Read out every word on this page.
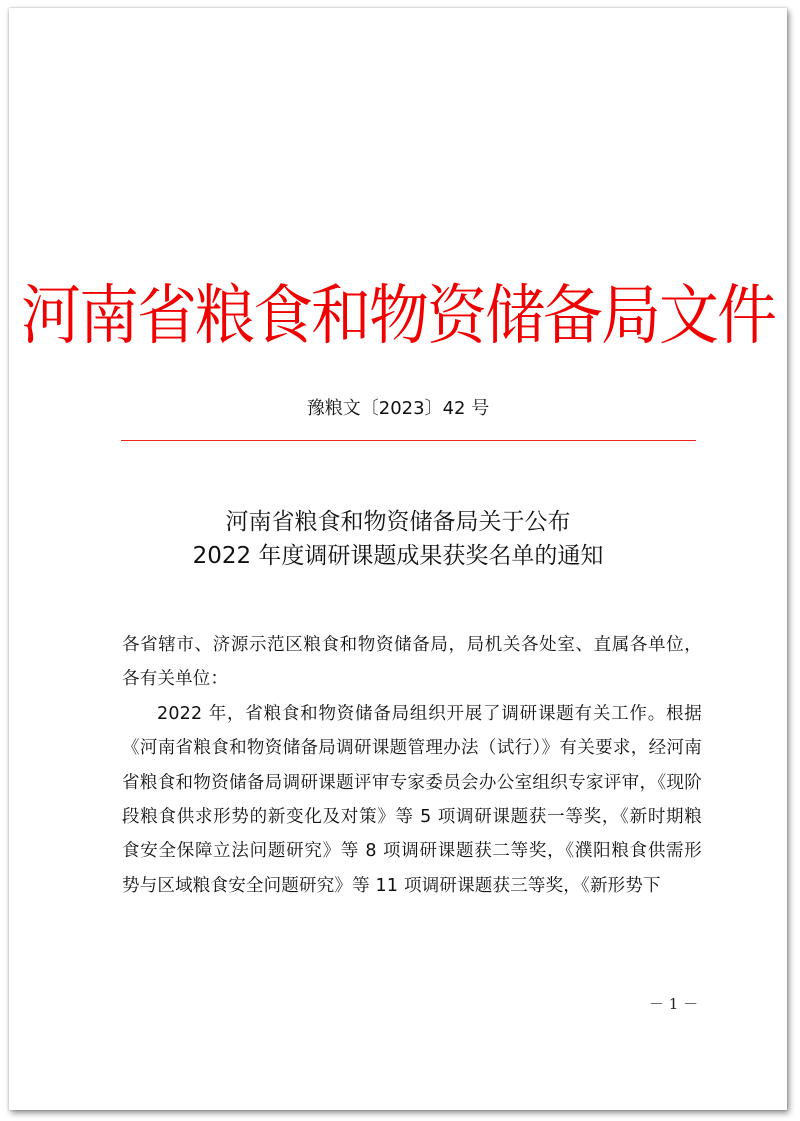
河南省粮食和物资储备局文件
豫粮文〔2023〕42 号
河南省粮食和物资储备局关于公布
2022 年度调研课题成果获奖名单的通知

各省辖市、济源示范区粮食和物资储备局，局机关各处室、直属各单位，各有关单位：

2022 年，省粮食和物资储备局组织开展了调研课题有关工作。根据《河南省粮食和物资储备局调研课题管理办法（试行）》有关要求，经河南省粮食和物资储备局调研课题评审专家委员会办公室组织专家评审，《现阶段粮食供求形势的新变化及对策》等 5 项调研课题获一等奖，《新时期粮食安全保障立法问题研究》等 8 项调研课题获二等奖，《濮阳粮食供需形势与区域粮食安全问题研究》等 11 项调研课题获三等奖，《新形势下

－ 1 －
